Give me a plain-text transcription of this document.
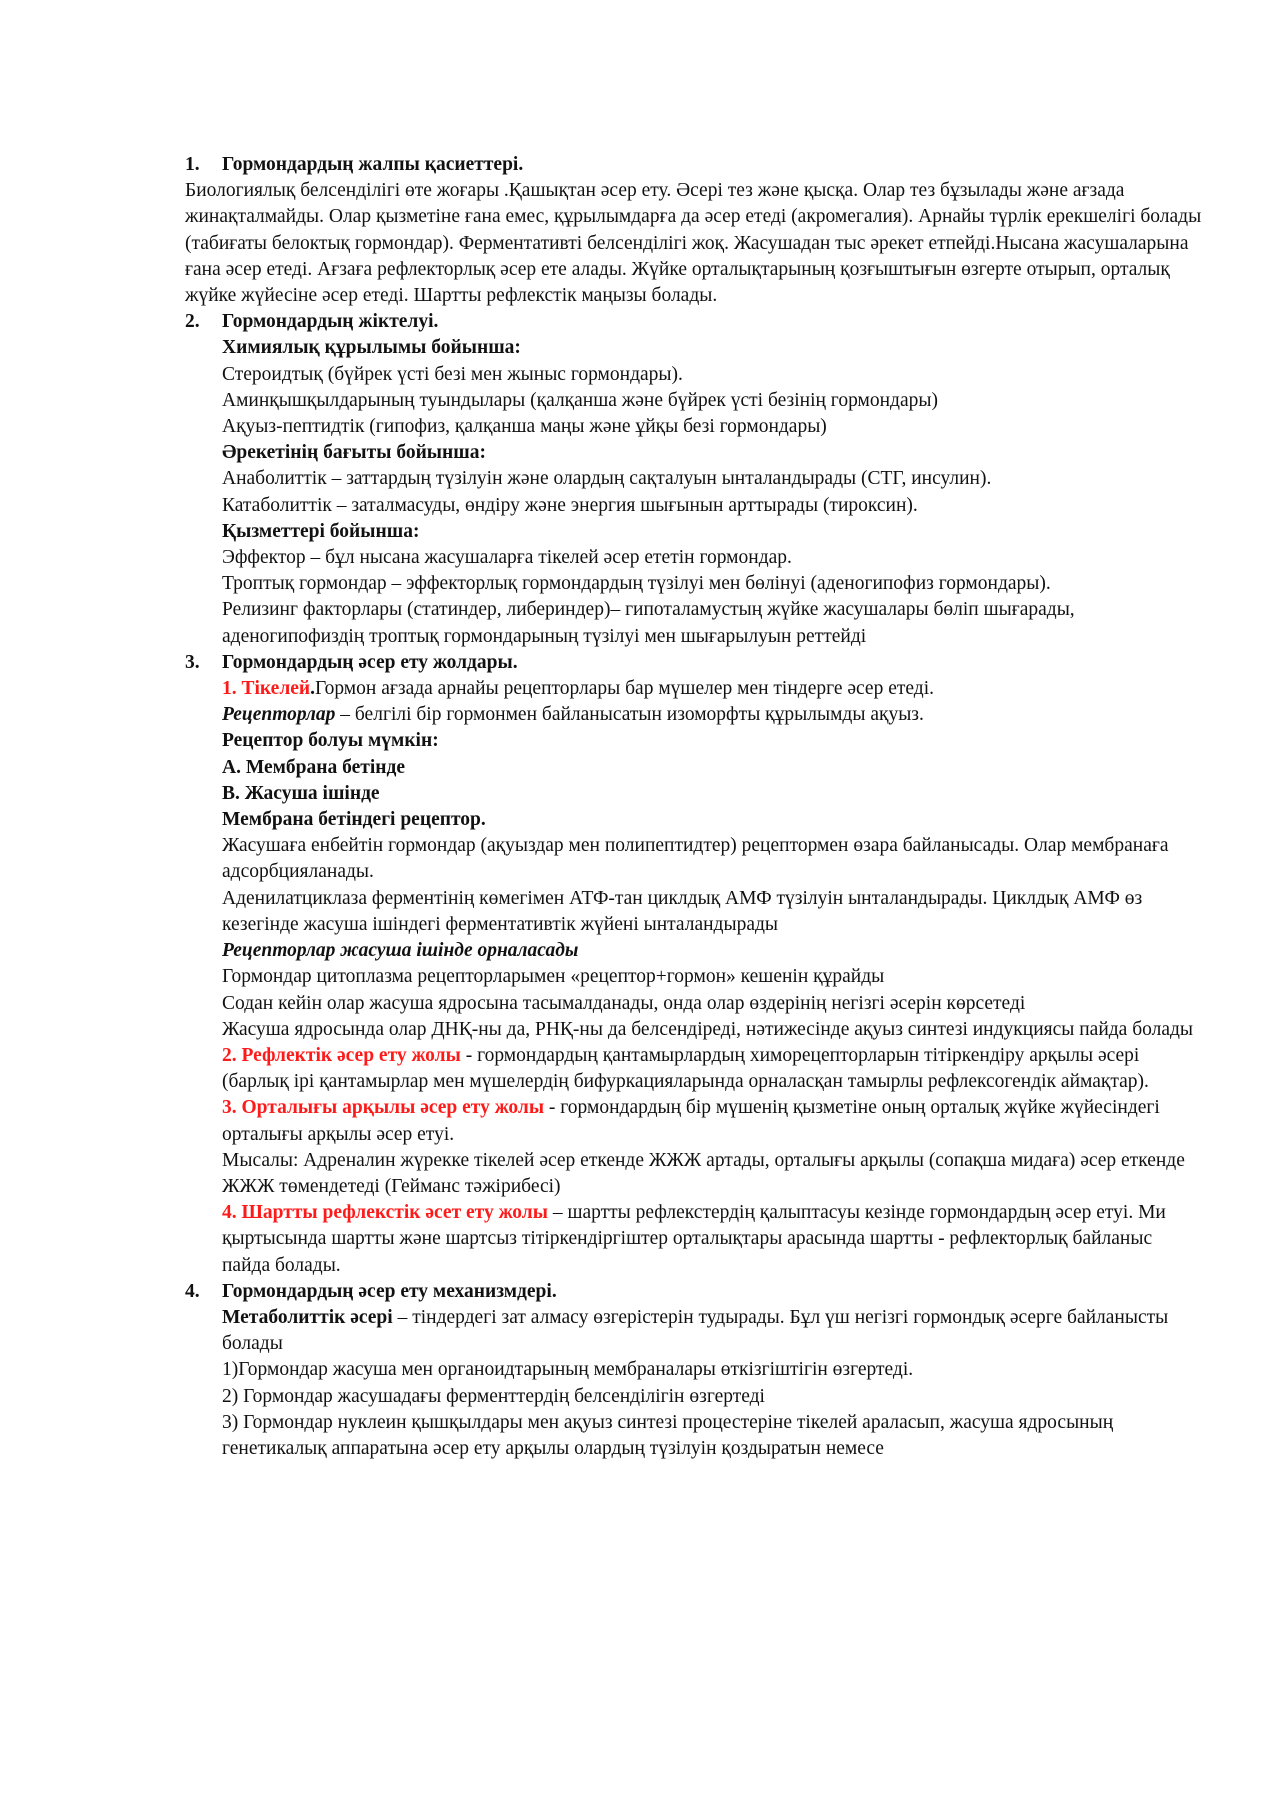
1. Гормондардың жалпы қасиеттері.

Биологиялық белсенділігі өте жоғары .Қашықтан әсер ету. Әсері тез және қысқа. Олар тез бұзылады және ағзада жинақталмайды. Олар қызметіне ғана емес, құрылымдарға да әсер етеді (акромегалия). Арнайы түрлік ерекшелігі болады (табиғаты белоктық гормондар). Ферментативті белсенділігі жоқ. Жасушадан тыс әрекет етпейді.Нысана жасушаларына ғана әсер етеді. Ағзаға рефлекторлық әсер ете алады. Жүйке орталықтарының қозғыштығын өзгерте отырып, орталық жүйке жүйесіне әсер етеді. Шартты рефлекстік маңызы болады.

2. Гормондардың жіктелуі.

Химиялық құрылымы бойынша:

Стероидтық (бүйрек үсті безі мен жыныс гормондары).

Аминқышқылдарының туындылары (қалқанша және бүйрек үсті безінің гормондары)

Ақуыз-пептидтік (гипофиз, қалқанша маңы және ұйқы безі гормондары)

Әрекетінің бағыты бойынша:

Анаболиттік – заттардың түзілуін және олардың сақталуын ынталандырады (СТГ, инсулин).

Катаболиттік – заталмасуды, өндіру және энергия шығынын арттырады (тироксин).

Қызметтері бойынша:

Эффектор – бұл нысана жасушаларға тікелей әсер ететін гормондар.

Троптық гормондар – эффекторлық гормондардың түзілуі мен бөлінуі (аденогипофиз гормондары).

Релизинг факторлары (статиндер, либериндер)– гипоталамустың жүйке жасушалары бөліп шығарады, аденогипофиздің троптық гормондарының түзілуі мен шығарылуын реттейді

3. Гормондардың әсер ету жолдары.

1. Тікелей.Гормон ағзада арнайы рецепторлары бар мүшелер мен тіндерге әсер етеді.

Рецепторлар – белгілі бір гормонмен байланысатын изоморфты құрылымды ақуыз.

Рецептор болуы мүмкін:

А. Мембрана бетінде

В. Жасуша ішінде

Мембрана бетіндегі рецептор.

Жасушаға енбейтін гормондар (ақуыздар мен полипептидтер) рецептормен өзара байланысады. Олар мембранаға адсорбцияланады.

Аденилатциклаза ферментінің көмегімен АТФ-тан циклдық АМФ түзілуін ынталандырады. Циклдық АМФ өз кезегінде жасуша ішіндегі ферментативтік жүйені ынталандырады

Рецепторлар жасуша ішінде орналасады

Гормондар цитоплазма рецепторларымен «рецептор+гормон» кешенін құрайды

Содан кейін олар жасуша ядросына тасымалданады, онда олар өздерінің негізгі әсерін көрсетеді

Жасуша ядросында олар ДНҚ-ны да, РНҚ-ны да белсендіреді, нәтижесінде ақуыз синтезі индукциясы пайда болады

2. Рефлектік әсер ету жолы - гормондардың қантамырлардың химорецепторларын тітіркендіру арқылы әсері (барлық ірі қантамырлар мен мүшелердің бифуркацияларында орналасқан тамырлы рефлексогендік аймақтар).

3. Орталығы арқылы әсер ету жолы - гормондардың бір мүшенің қызметіне оның орталық жүйке жүйесіндегі орталығы арқылы әсер етуі.

Мысалы: Адреналин жүрекке тікелей әсер еткенде ЖЖЖ артады, орталығы арқылы (сопақша мидаға) әсер еткенде ЖЖЖ төмендетеді (Гейманс тәжірибесі)

4. Шартты рефлекстік әсет ету жолы – шартты рефлекстердің қалыптасуы кезінде гормондардың әсер етуі. Ми қыртысында шартты және шартсыз тітіркендіргіштер орталықтары арасында шартты - рефлекторлық байланыс пайда болады.

4. Гормондардың әсер ету механизмдері.

Метаболиттік әсері – тіндердегі зат алмасу өзгерістерін тудырады. Бұл үш негізгі гормондық әсерге байланысты болады

1)Гормондар жасуша мен органоидтарының мембраналары өткізгіштігін өзгертеді.

2) Гормондар жасушадағы ферменттердің белсенділігін өзгертеді

3) Гормондар нуклеин қышқылдары мен ақуыз синтезі процестеріне тікелей араласып, жасуша ядросының генетикалық аппаратына әсер ету арқылы олардың түзілуін қоздыратын немесе
